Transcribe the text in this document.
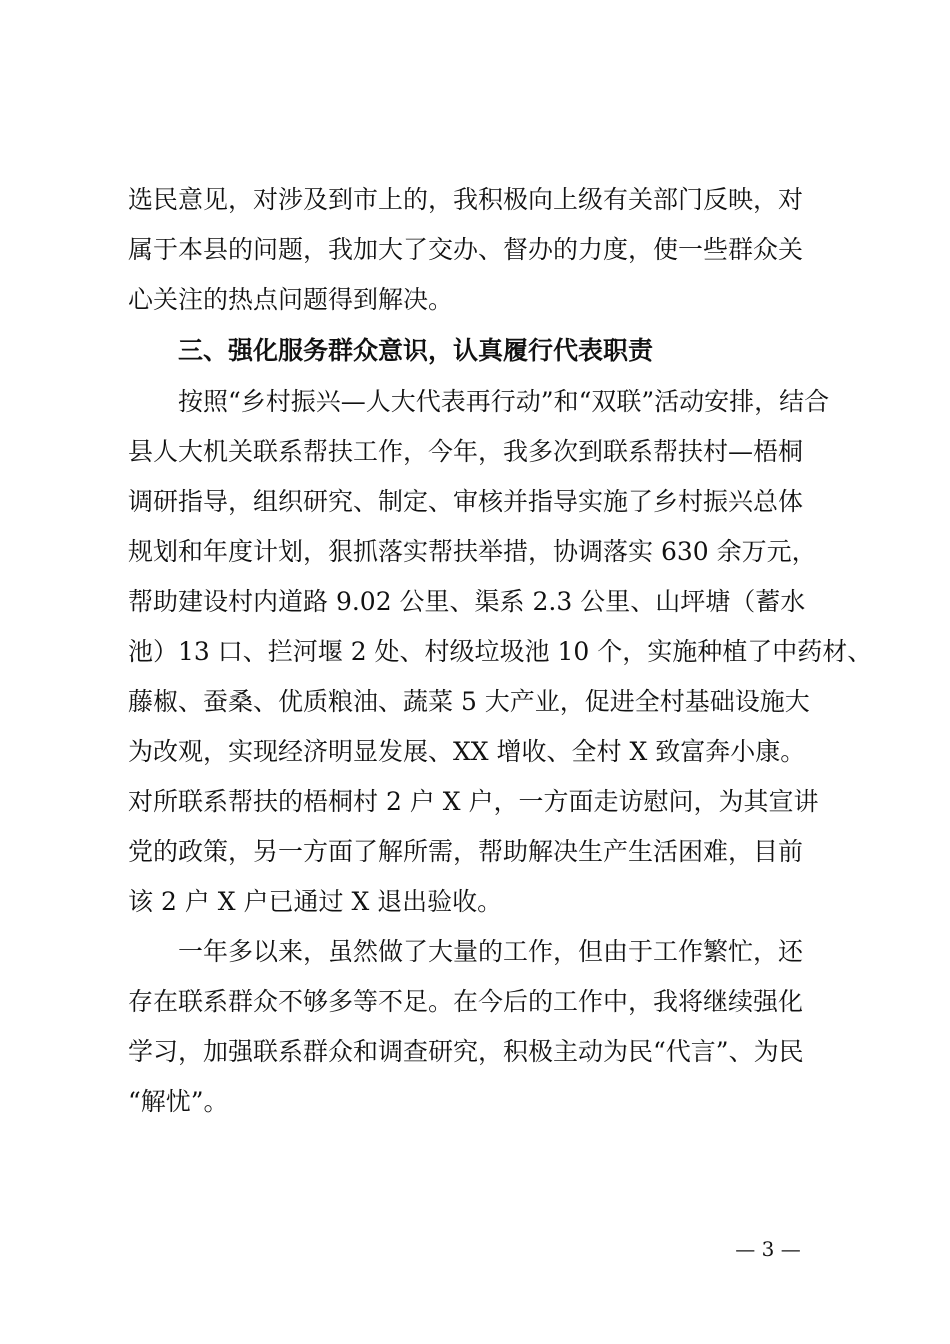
选民意见，对涉及到市上的，我积极向上级有关部门反映，对
属于本县的问题，我加大了交办、督办的力度，使一些群众关
心关注的热点问题得到解决。
三、强化服务群众意识，认真履行代表职责
按照“乡村振兴—人大代表再行动”和“双联”活动安排，结合
县人大机关联系帮扶工作，今年，我多次到联系帮扶村—梧桐
调研指导，组织研究、制定、审核并指导实施了乡村振兴总体
规划和年度计划，狠抓落实帮扶举措，协调落实 630 余万元，
帮助建设村内道路 9.02 公里、渠系 2.3 公里、山坪塘（蓄水
池）13 口、拦河堰 2 处、村级垃圾池 10 个，实施种植了中药材、
藤椒、蚕桑、优质粮油、蔬菜 5 大产业，促进全村基础设施大
为改观，实现经济明显发展、XX 增收、全村 X 致富奔小康。
对所联系帮扶的梧桐村 2 户 X 户，一方面走访慰问，为其宣讲
党的政策，另一方面了解所需，帮助解决生产生活困难，目前
该 2 户 X 户已通过 X 退出验收。
一年多以来，虽然做了大量的工作，但由于工作繁忙，还
存在联系群众不够多等不足。在今后的工作中，我将继续强化
学习，加强联系群众和调查研究，积极主动为民“代言”、为民
“解忧”。
— 3 —
